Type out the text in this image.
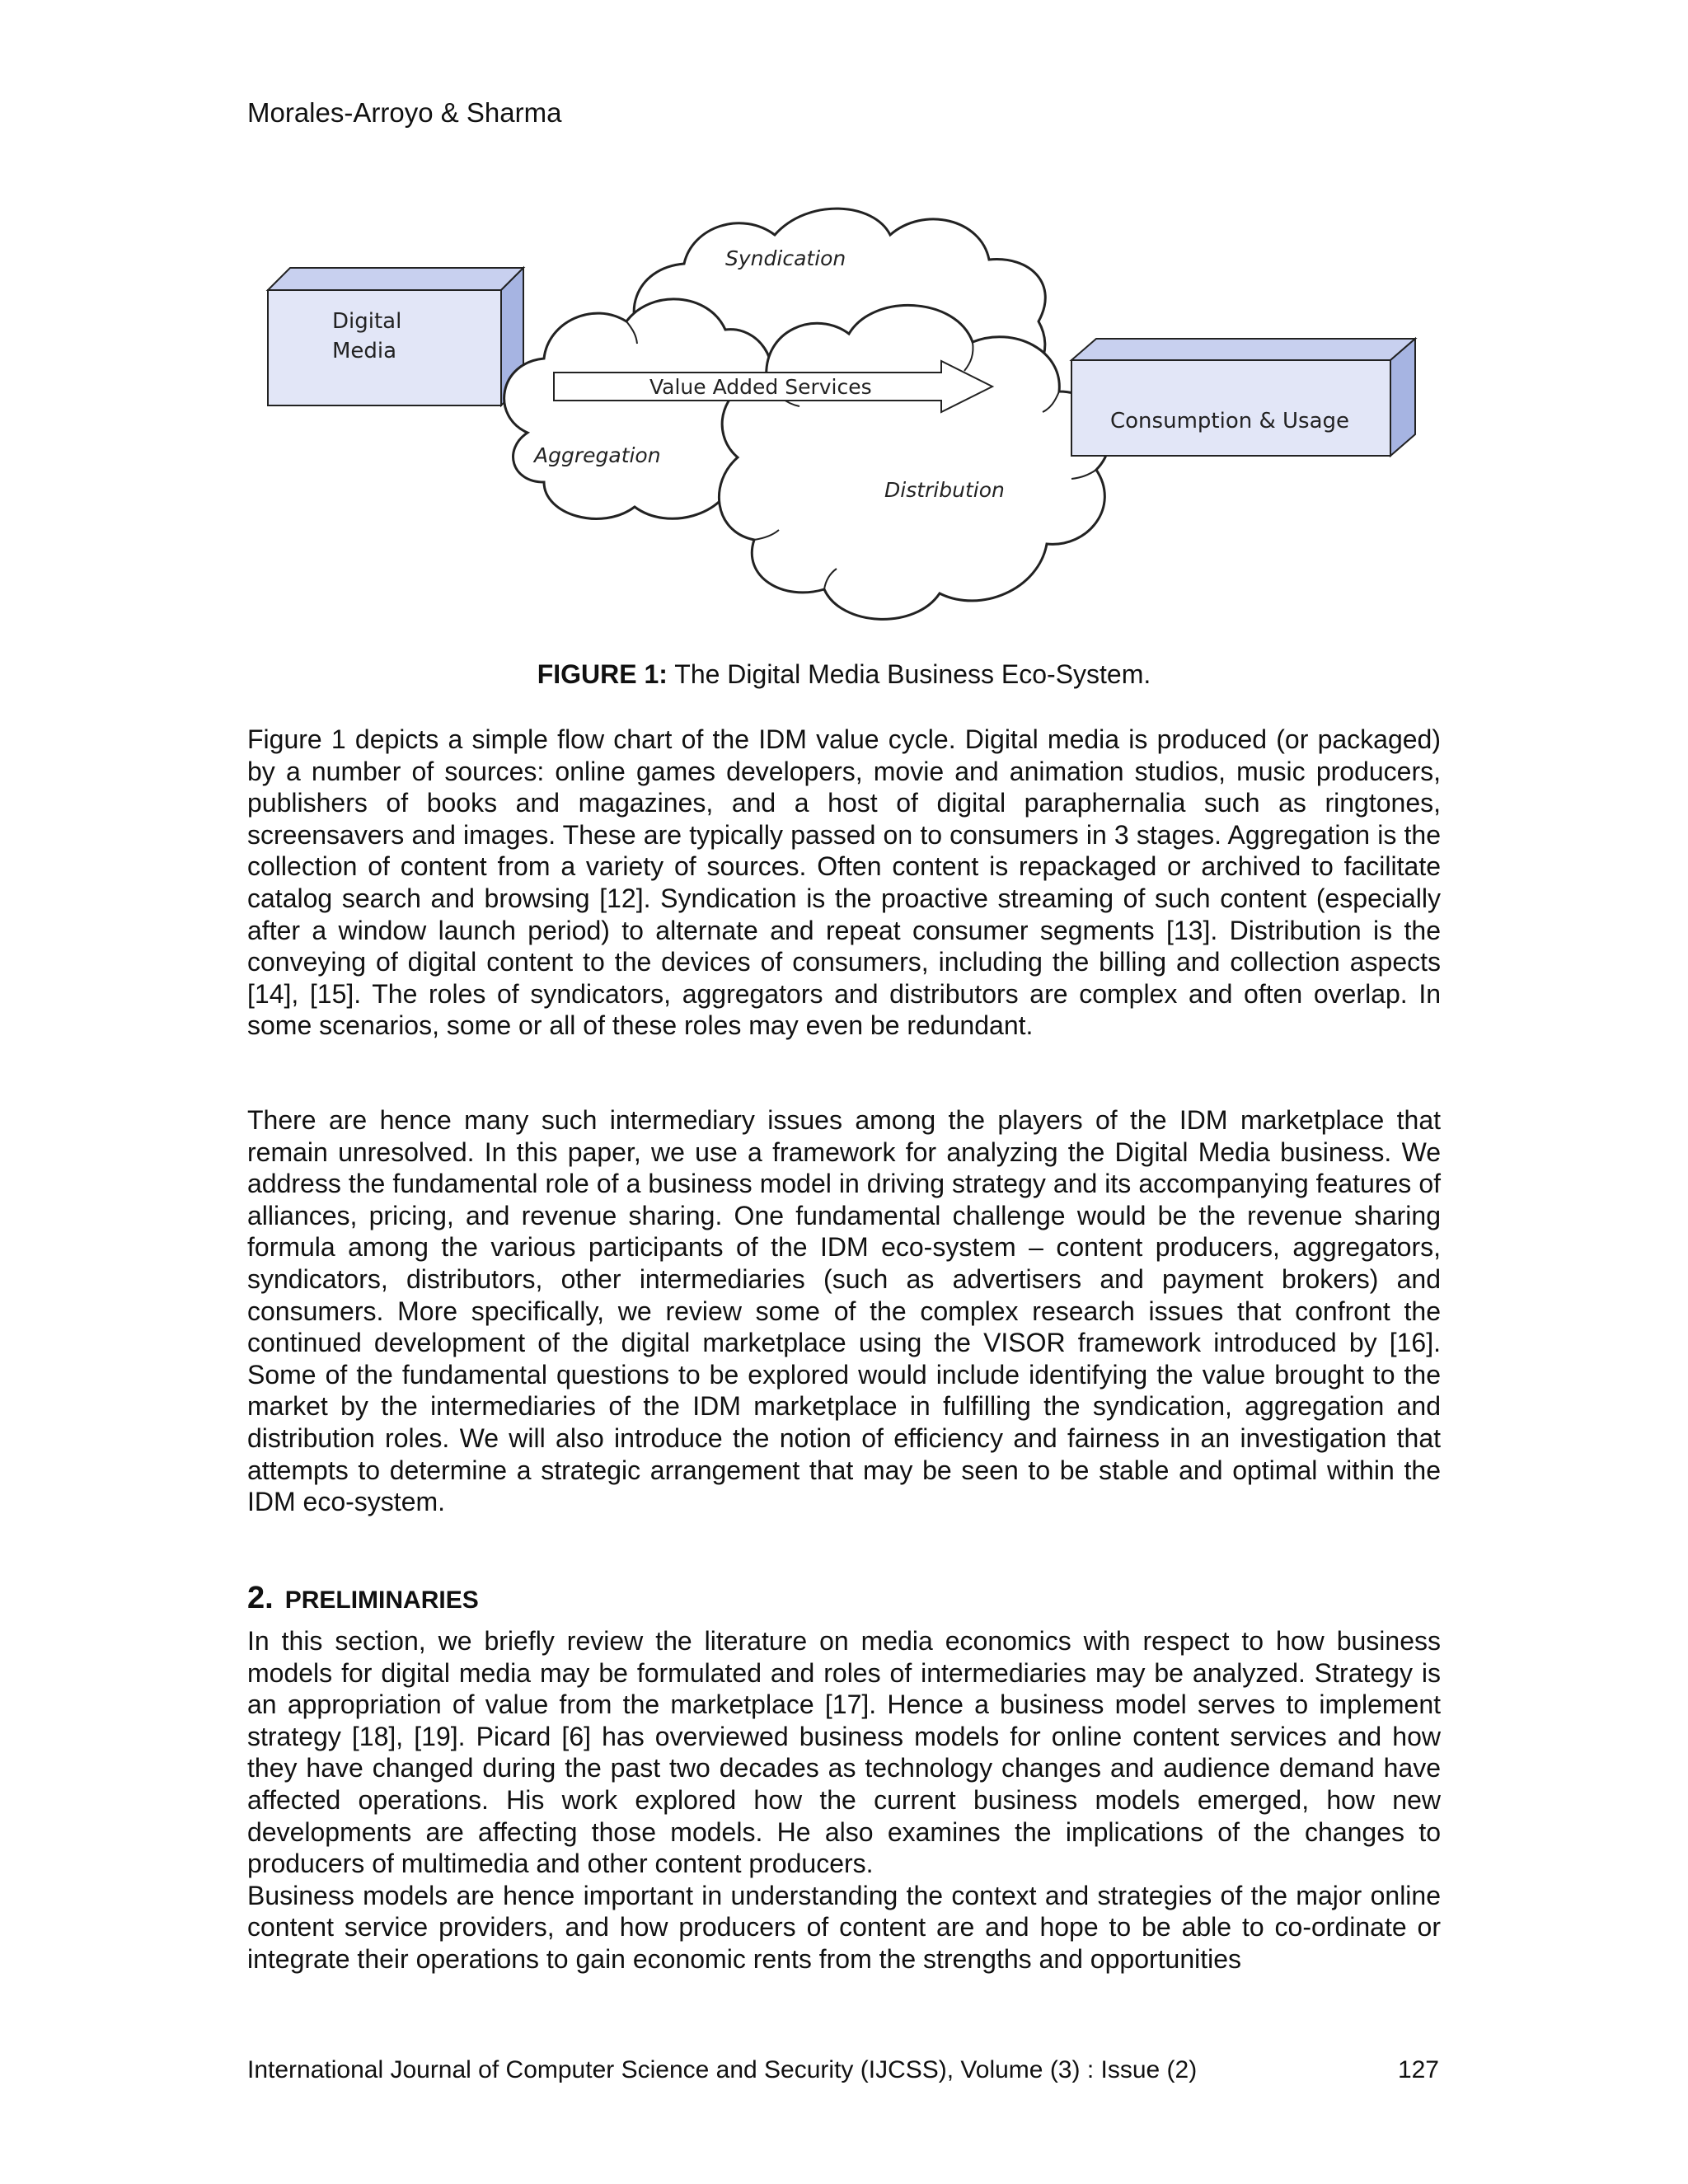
Morales-Arroyo & Sharma
Digital
Media
Value Added Services
Consumption & Usage
Syndication
Aggregation
Distribution
FIGURE 1: The Digital Media Business Eco-System.

Figure 1 depicts a simple flow chart of the IDM value cycle. Digital media is produced (or packaged) by a number of sources: online games developers, movie and animation studios, music producers, publishers of books and magazines, and a host of digital paraphernalia such as ringtones, screensavers and images. These are typically passed on to consumers in 3 stages. Aggregation is the collection of content from a variety of sources. Often content is repackaged or archived to facilitate catalog search and browsing [12]. Syndication is the proactive streaming of such content (especially after a window launch period) to alternate and repeat consumer segments [13]. Distribution is the conveying of digital content to the devices of consumers, including the billing and collection aspects [14], [15]. The roles of syndicators, aggregators and distributors are complex and often overlap. In some scenarios, some or all of these roles may even be redundant.

There are hence many such intermediary issues among the players of the IDM marketplace that remain unresolved. In this paper, we use a framework for analyzing the Digital Media business. We address the fundamental role of a business model in driving strategy and its accompanying features of alliances, pricing, and revenue sharing. One fundamental challenge would be the revenue sharing formula among the various participants of the IDM eco-system – content producers, aggregators, syndicators, distributors, other intermediaries (such as advertisers and payment brokers) and consumers. More specifically, we review some of the complex research issues that confront the continued development of the digital marketplace using the VISOR framework introduced by [16]. Some of the fundamental questions to be explored would include identifying the value brought to the market by the intermediaries of the IDM marketplace in fulfilling the syndication, aggregation and distribution roles. We will also introduce the notion of efficiency and fairness in an investigation that attempts to determine a strategic arrangement that may be seen to be stable and optimal within the IDM eco-system.

2. PRELIMINARIES

In this section, we briefly review the literature on media economics with respect to how business models for digital media may be formulated and roles of intermediaries may be analyzed. Strategy is an appropriation of value from the marketplace [17]. Hence a business model serves to implement strategy [18], [19]. Picard [6] has overviewed business models for online content services and how they have changed during the past two decades as technology changes and audience demand have affected operations. His work explored how the current business models emerged, how new developments are affecting those models. He also examines the implications of the changes to producers of multimedia and other content producers.

Business models are hence important in understanding the context and strategies of the major online content service providers, and how producers of content are and hope to be able to co-ordinate or integrate their operations to gain economic rents from the strengths and opportunities

International Journal of Computer Science and Security (IJCSS), Volume (3) : Issue (2)	127
